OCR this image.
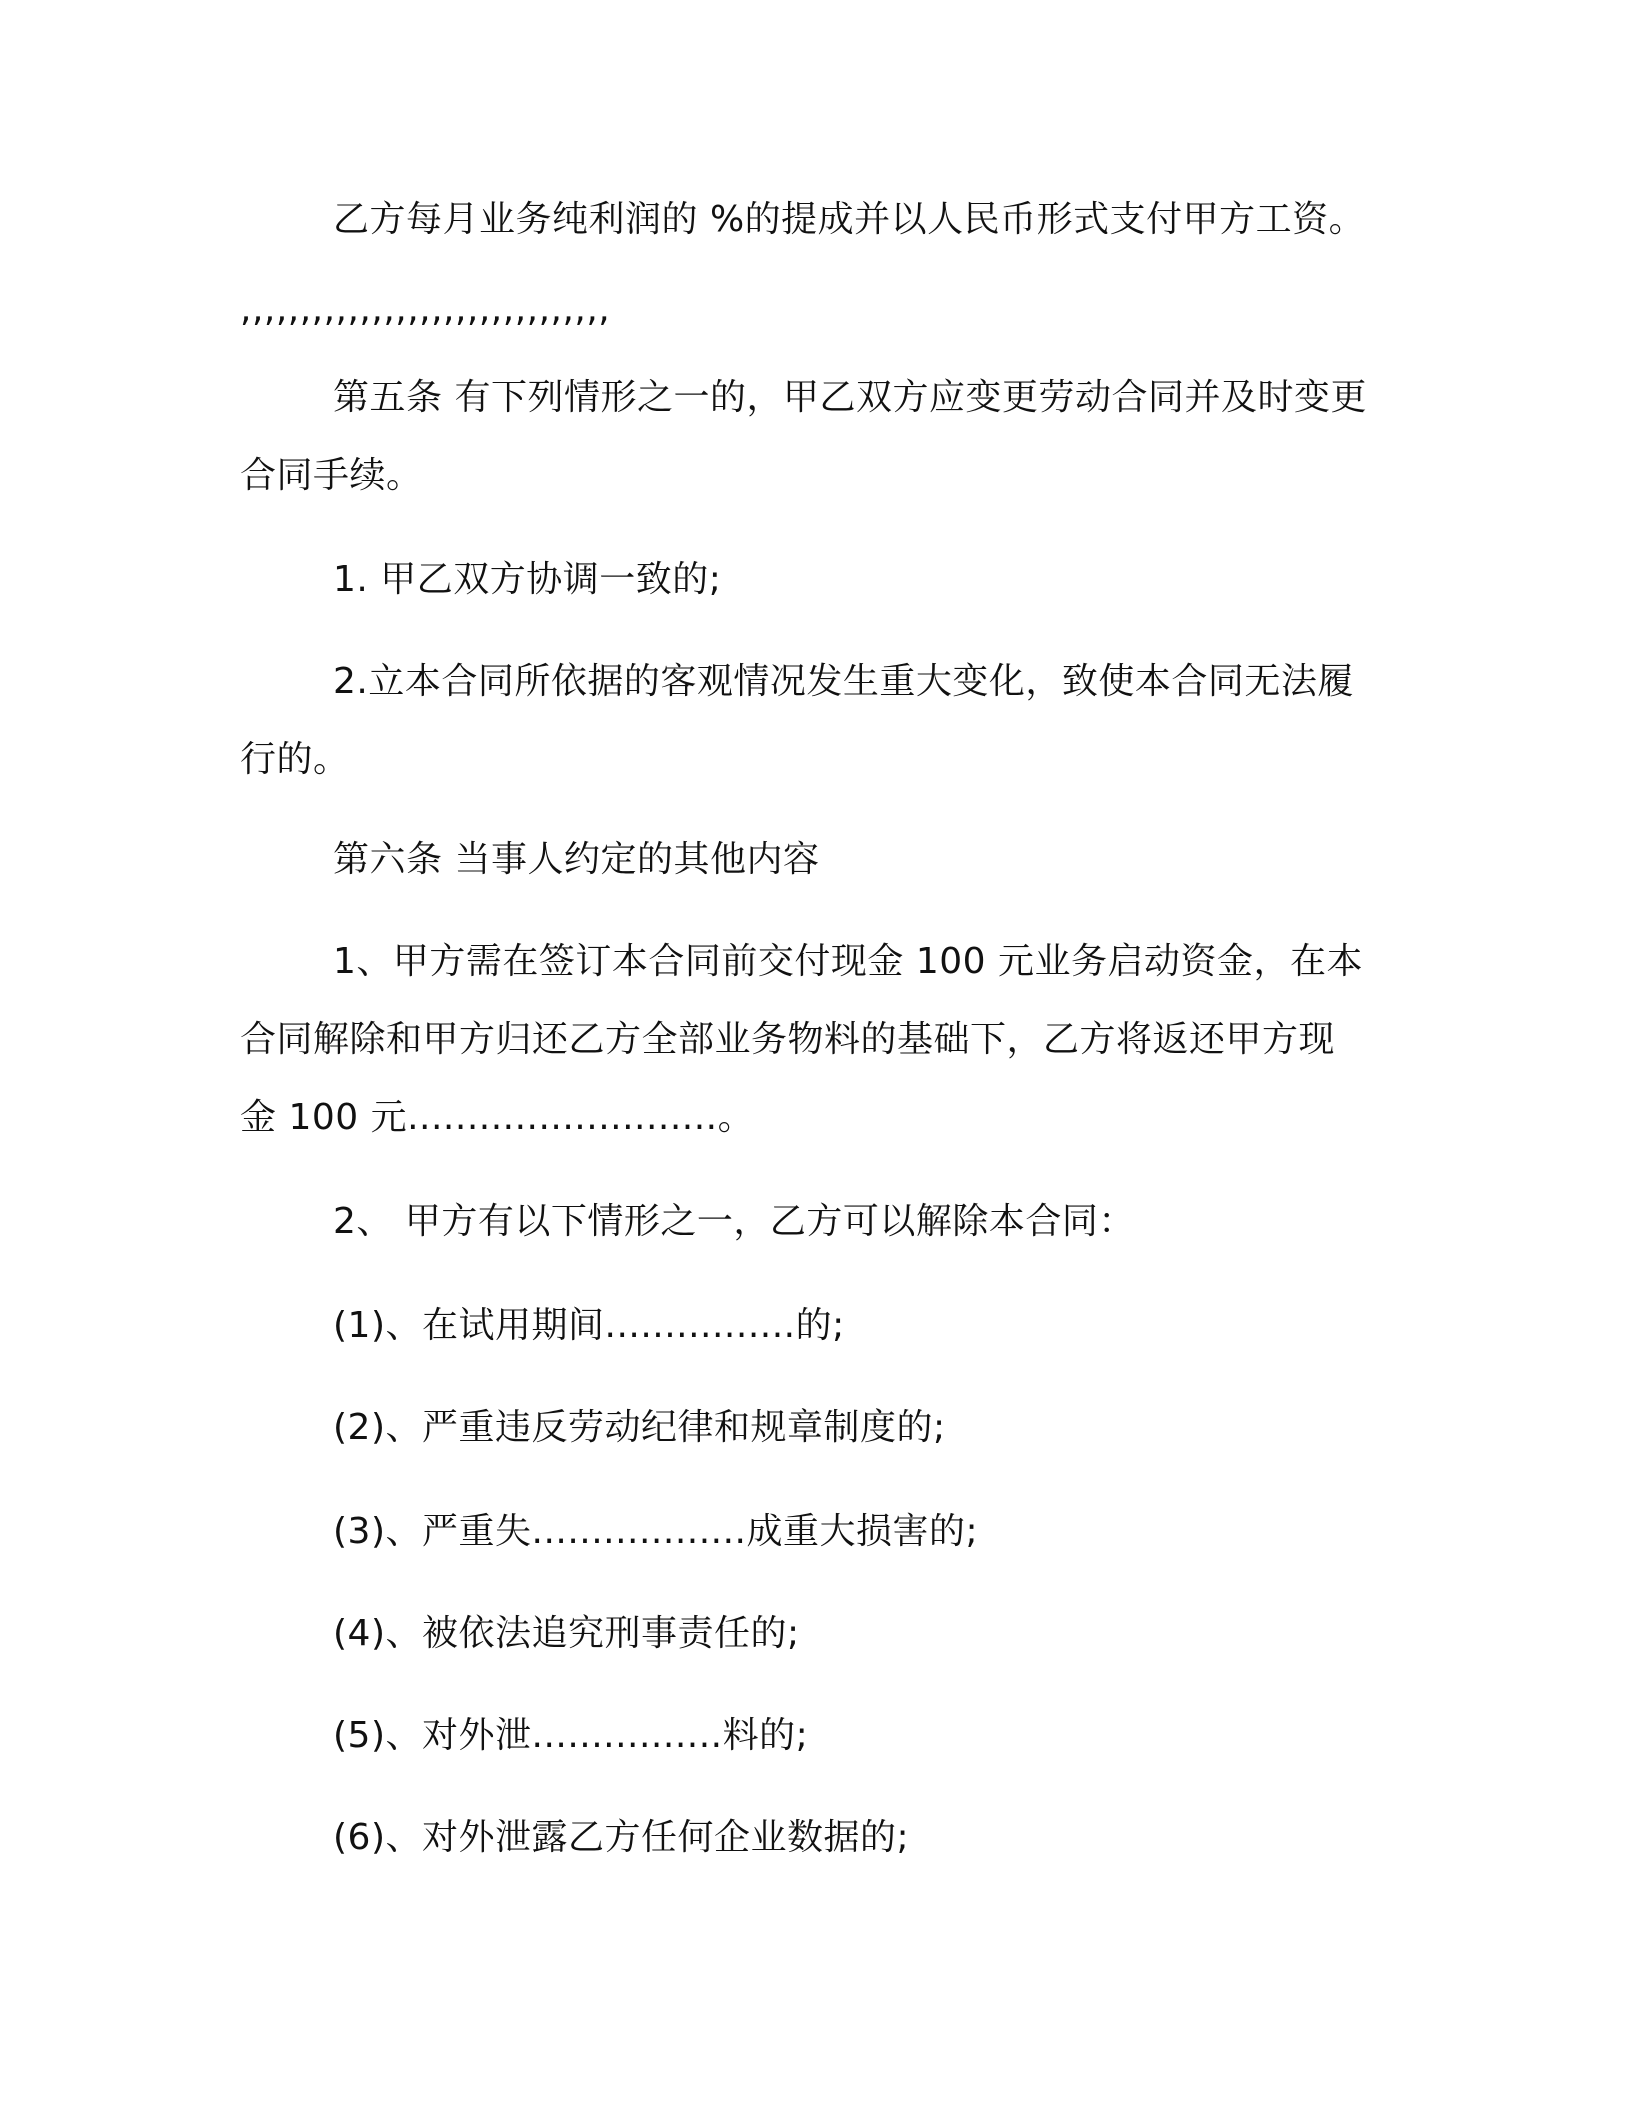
乙方每月业务纯利润的 %的提成并以人民币形式支付甲方工资。

,,,,,,,,,,,,,,,,,,,,,,,,,,,,,,,

第五条 有下列情形之一的，甲乙双方应变更劳动合同并及时变更

合同手续。

1. 甲乙双方协调一致的;

2.立本合同所依据的客观情况发生重大变化，致使本合同无法履

行的。

第六条 当事人约定的其他内容

1、甲方需在签订本合同前交付现金 100 元业务启动资金，在本

合同解除和甲方归还乙方全部业务物料的基础下，乙方将返还甲方现

金 100 元..........................。

2、 甲方有以下情形之一，乙方可以解除本合同：

(1)、在试用期间................的;

(2)、严重违反劳动纪律和规章制度的;

(3)、严重失..................成重大损害的;

(4)、被依法追究刑事责任的;

(5)、对外泄................料的;

(6)、对外泄露乙方任何企业数据的;
